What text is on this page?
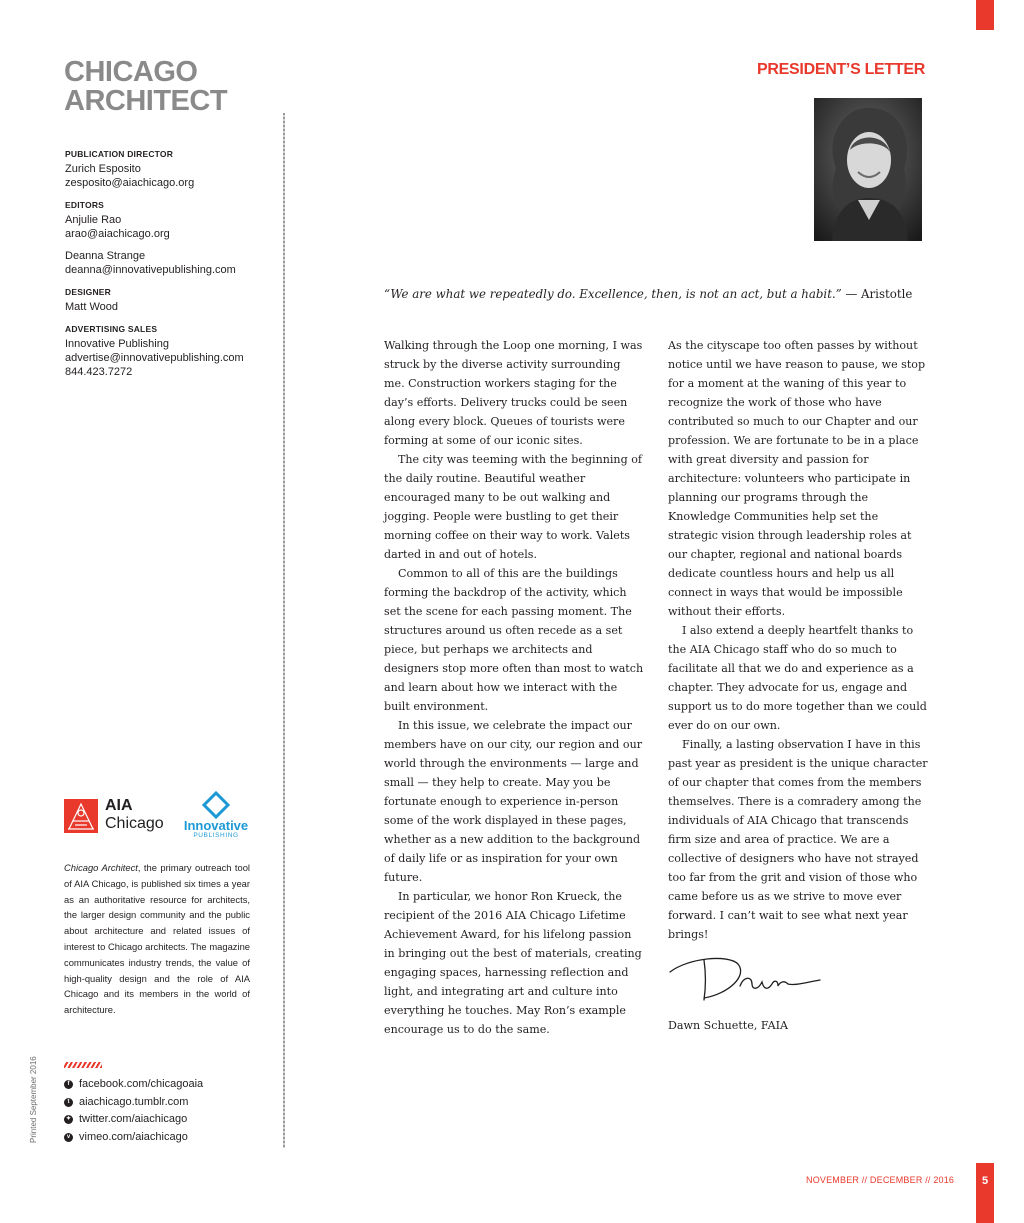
CHICAGO
ARCHITECT
PRESIDENT’S LETTER
PUBLICATION DIRECTOR
Zurich Esposito
zesposito@aiachicago.org
EDITORS
Anjulie Rao
arao@aiachicago.org
Deanna Strange
deanna@innovativepublishing.com
DESIGNER
Matt Wood
ADVERTISING SALES
Innovative Publishing
advertise@innovativepublishing.com
844.423.7272
AIA
Chicago Innovative
PUBLISHING
Chicago Architect, the primary outreach tool of AIA Chicago, is published six times a year as an authoritative resource for architects, the larger design community and the public about architecture and related issues of interest to Chicago architects. The magazine communicates industry trends, the value of high-quality design and the role of AIA Chicago and its members in the world of architecture.
Printed September 2016	f facebook.com/chicagoaia
t aiachicago.tumblr.com
✦ twitter.com/aiachicago
v vimeo.com/aiachicago
“We are what we repeatedly do. Excellence, then, is not an act, but a habit.” — Aristotle

Walking through the Loop one morning, I was struck by the diverse activity surrounding me. Construction workers staging for the day’s efforts. Delivery trucks could be seen along every block. Queues of tourists were forming at some of our iconic sites.

The city was teeming with the beginning of the daily routine. Beautiful weather encouraged many to be out walking and jogging. People were bustling to get their morning coffee on their way to work. Valets darted in and out of hotels.

Common to all of this are the buildings forming the backdrop of the activity, which set the scene for each passing moment. The structures around us often recede as a set piece, but perhaps we architects and designers stop more often than most to watch and learn about how we interact with the built environment.

In this issue, we celebrate the impact our members have on our city, our region and our world through the environments — large and small — they help to create. May you be fortunate enough to experience in-person some of the work displayed in these pages, whether as a new addition to the background of daily life or as inspiration for your own future.

In particular, we honor Ron Krueck, the recipient of the 2016 AIA Chicago Lifetime Achievement Award, for his lifelong passion in bringing out the best of materials, creating engaging spaces, harnessing reflection and light, and integrating art and culture into everything he touches. May Ron’s example encourage us to do the same.

As the cityscape too often passes by without notice until we have reason to pause, we stop for a moment at the waning of this year to recognize the work of those who have contributed so much to our Chapter and our profession. We are fortunate to be in a place with great diversity and passion for architecture: volunteers who participate in planning our programs through the Knowledge Communities help set the strategic vision through leadership roles at our chapter, regional and national boards dedicate countless hours and help us all connect in ways that would be impossible without their efforts.

I also extend a deeply heartfelt thanks to the AIA Chicago staff who do so much to facilitate all that we do and experience as a chapter. They advocate for us, engage and support us to do more together than we could ever do on our own.

Finally, a lasting observation I have in this past year as president is the unique character of our chapter that comes from the members themselves. There is a comradery among the individuals of AIA Chicago that transcends firm size and area of practice. We are a collective of designers who have not strayed too far from the grit and vision of those who came before us as we strive to move ever forward. I can’t wait to see what next year brings!

Dawn Schuette, FAIA
NOVEMBER // DECEMBER // 2016	5
